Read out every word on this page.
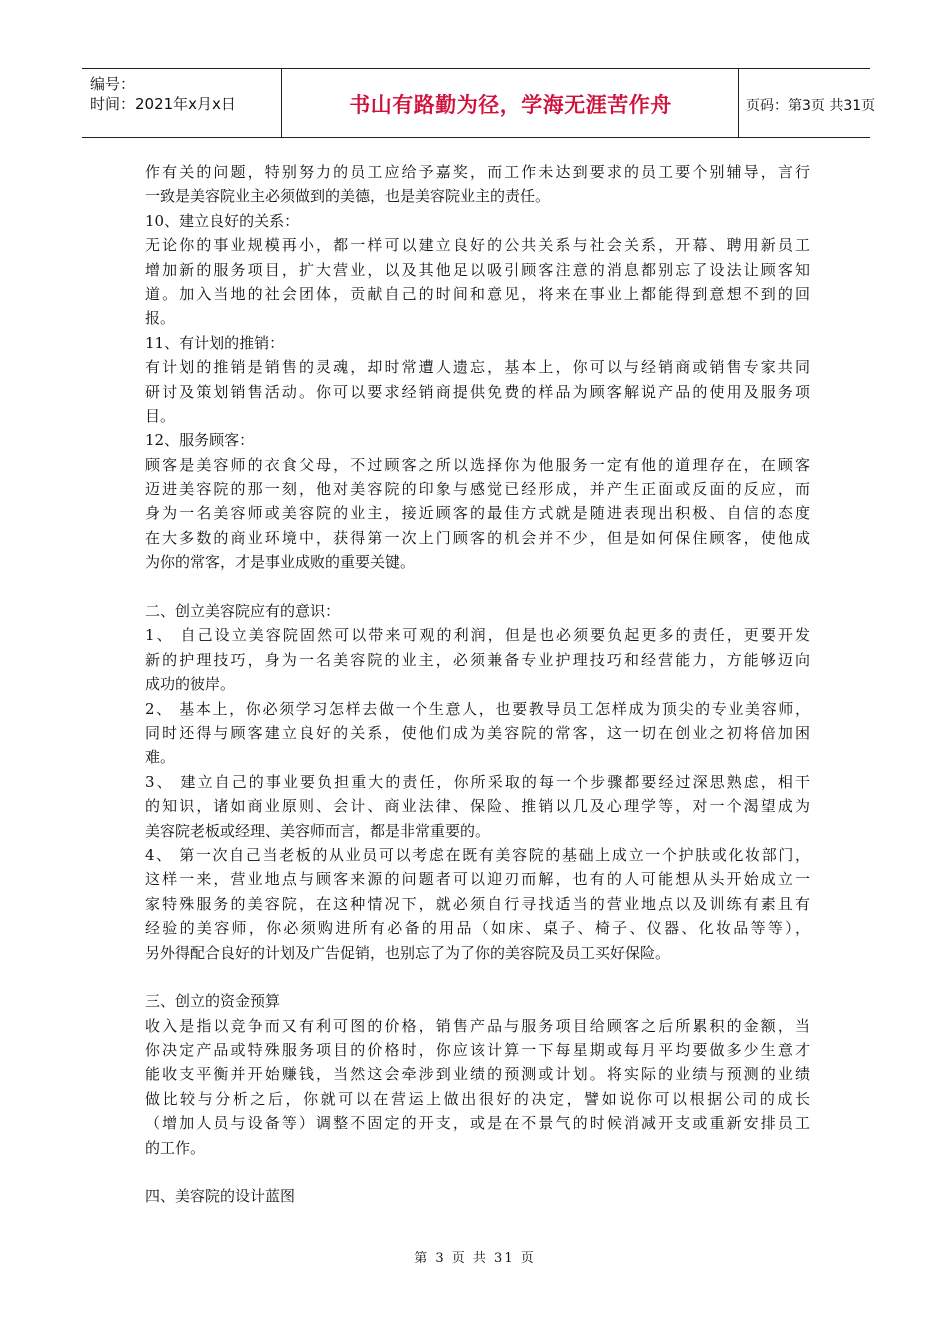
编号：
时间：2021年x月x日	书山有路勤为径，学海无涯苦作舟	页码：第3页 共31页
作有关的问题，特别努力的员工应给予嘉奖，而工作未达到要求的员工要个别辅导，言行
一致是美容院业主必须做到的美德，也是美容院业主的责任。
10、建立良好的关系：
无论你的事业规模再小，都一样可以建立良好的公共关系与社会关系，开幕、聘用新员工
增加新的服务项目，扩大营业，以及其他足以吸引顾客注意的消息都别忘了设法让顾客知
道。加入当地的社会团体，贡献自己的时间和意见，将来在事业上都能得到意想不到的回
报。
11、有计划的推销：
有计划的推销是销售的灵魂，却时常遭人遗忘，基本上，你可以与经销商或销售专家共同
研讨及策划销售活动。你可以要求经销商提供免费的样品为顾客解说产品的使用及服务项
目。
12、服务顾客：
顾客是美容师的衣食父母，不过顾客之所以选择你为他服务一定有他的道理存在，在顾客
迈进美容院的那一刻，他对美容院的印象与感觉已经形成，并产生正面或反面的反应，而
身为一名美容师或美容院的业主，接近顾客的最佳方式就是随进表现出积极、自信的态度
在大多数的商业环境中，获得第一次上门顾客的机会并不少，但是如何保住顾客，使他成
为你的常客，才是事业成败的重要关键。
二、创立美容院应有的意识：
1、 自己设立美容院固然可以带来可观的利润，但是也必须要负起更多的责任，更要开发
新的护理技巧，身为一名美容院的业主，必须兼备专业护理技巧和经营能力，方能够迈向
成功的彼岸。
2、 基本上，你必须学习怎样去做一个生意人，也要教导员工怎样成为顶尖的专业美容师，
同时还得与顾客建立良好的关系，使他们成为美容院的常客，这一切在创业之初将倍加困
难。
3、 建立自己的事业要负担重大的责任，你所采取的每一个步骤都要经过深思熟虑，相干
的知识，诸如商业原则、会计、商业法律、保险、推销以几及心理学等，对一个渴望成为
美容院老板或经理、美容师而言，都是非常重要的。
4、 第一次自己当老板的从业员可以考虑在既有美容院的基础上成立一个护肤或化妆部门，
这样一来，营业地点与顾客来源的问题者可以迎刃而解，也有的人可能想从头开始成立一
家特殊服务的美容院，在这种情况下，就必须自行寻找适当的营业地点以及训练有素且有
经验的美容师，你必须购进所有必备的用品（如床、桌子、椅子、仪器、化妆品等等），
另外得配合良好的计划及广告促销，也别忘了为了你的美容院及员工买好保险。
三、创立的资金预算
收入是指以竞争而又有利可图的价格，销售产品与服务项目给顾客之后所累积的金额，当
你决定产品或特殊服务项目的价格时，你应该计算一下每星期或每月平均要做多少生意才
能收支平衡并开始赚钱，当然这会牵涉到业绩的预测或计划。将实际的业绩与预测的业绩
做比较与分析之后，你就可以在营运上做出很好的决定，譬如说你可以根据公司的成长
（增加人员与设备等）调整不固定的开支，或是在不景气的时候消减开支或重新安排员工
的工作。
四、美容院的设计蓝图
第 3 页 共 31 页
